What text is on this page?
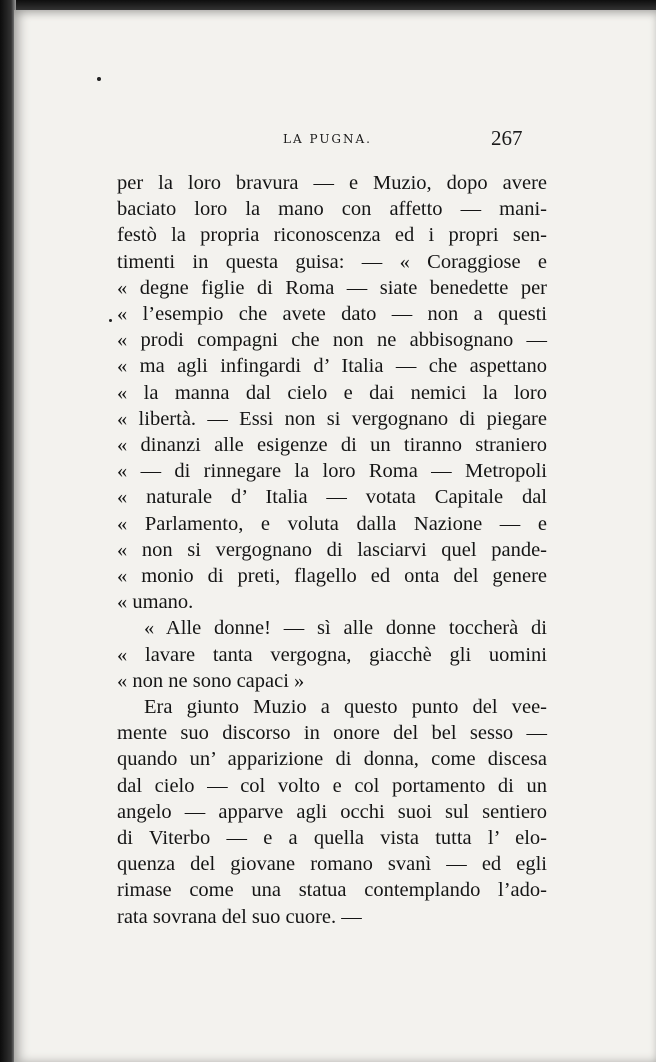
LA PUGNA.	267
per la loro bravura — e Muzio, dopo avere
baciato loro la mano con affetto — mani-
festò la propria riconoscenza ed i propri sen-
timenti in questa guisa: — « Coraggiose e
« degne figlie di Roma — siate benedette per
« l’esempio che avete dato — non a questi
« prodi compagni che non ne abbisognano —
« ma agli infingardi d’ Italia — che aspettano
« la manna dal cielo e dai nemici la loro
« libertà. — Essi non si vergognano di piegare
« dinanzi alle esigenze di un tiranno straniero
« — di rinnegare la loro Roma — Metropoli
« naturale d’ Italia — votata Capitale dal
« Parlamento, e voluta dalla Nazione — e
« non si vergognano di lasciarvi quel pande-
« monio di preti, flagello ed onta del genere
« umano.
« Alle donne! — sì alle donne toccherà di
« lavare tanta vergogna, giacchè gli uomini
« non ne sono capaci »
Era giunto Muzio a questo punto del vee-
mente suo discorso in onore del bel sesso —
quando un’ apparizione di donna, come discesa
dal cielo — col volto e col portamento di un
angelo — apparve agli occhi suoi sul sentiero
di Viterbo — e a quella vista tutta l’ elo-
quenza del giovane romano svanì — ed egli
rimase come una statua contemplando l’ado-
rata sovrana del suo cuore. —
